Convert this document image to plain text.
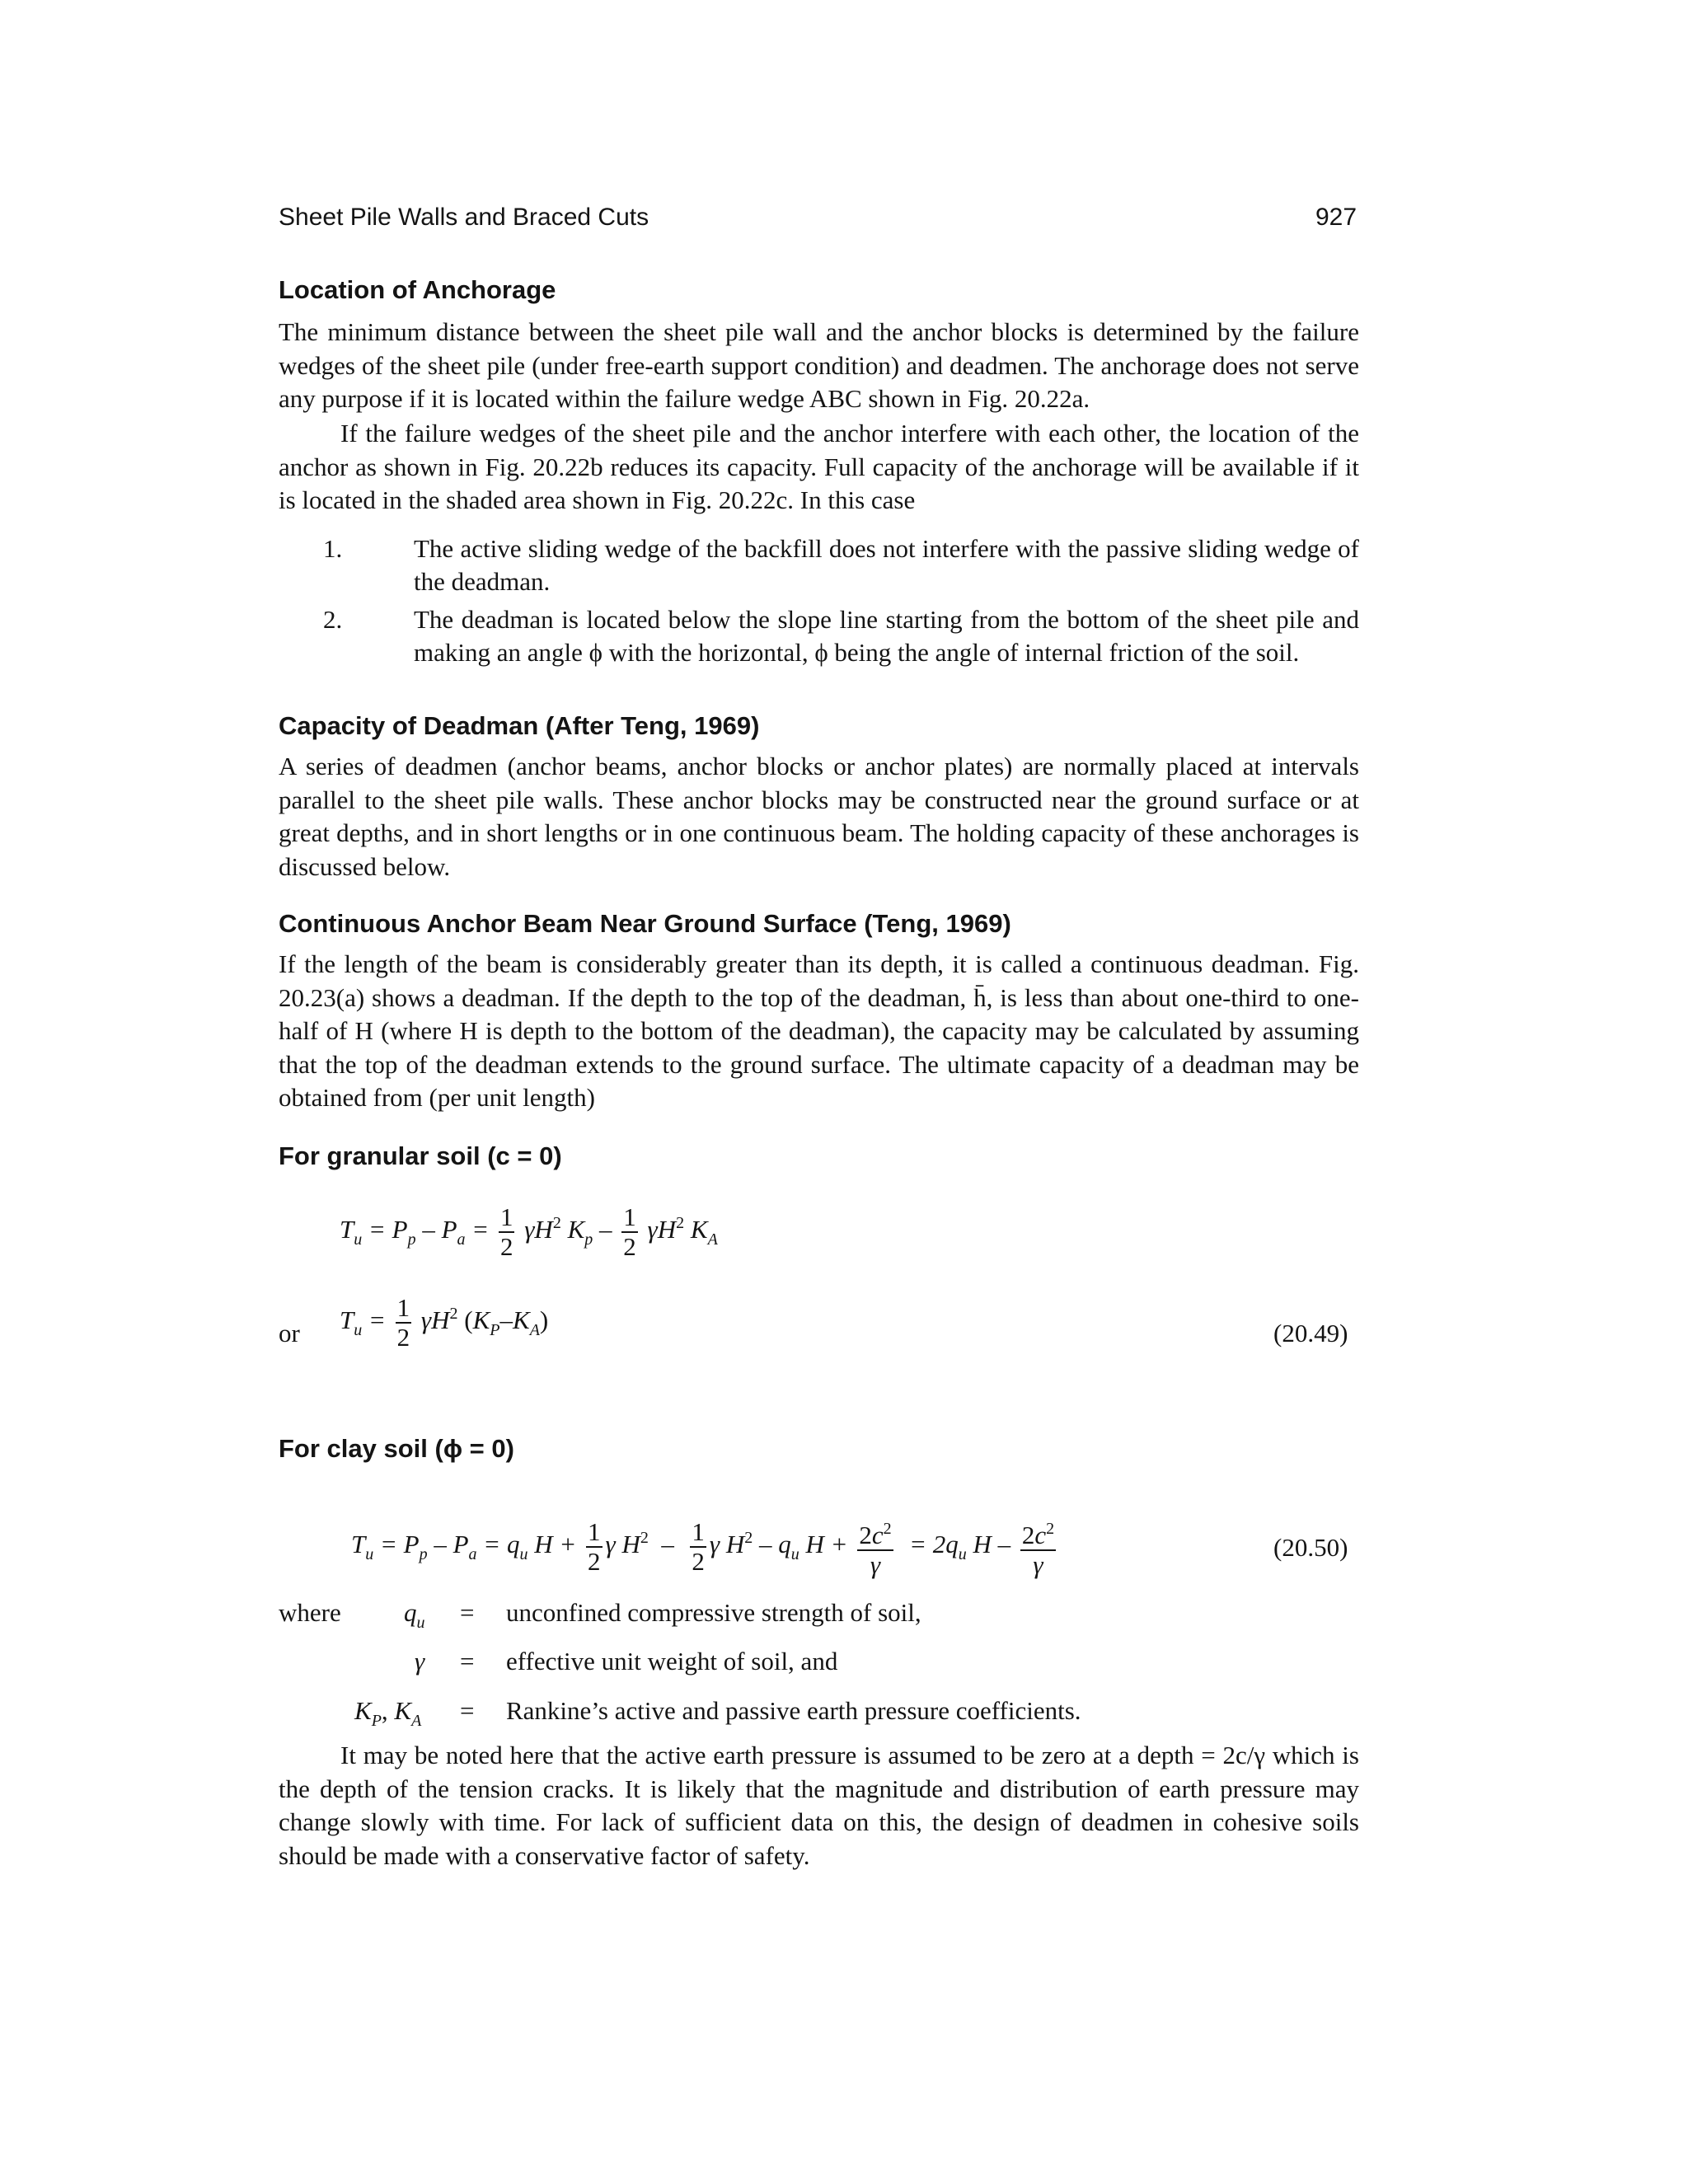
Sheet Pile Walls and Braced Cuts	927
Location of Anchorage

The minimum distance between the sheet pile wall and the anchor blocks is determined by the failure wedges of the sheet pile (under free-earth support condition) and deadmen. The anchorage does not serve any purpose if it is located within the failure wedge ABC shown in Fig. 20.22a.

If the failure wedges of the sheet pile and the anchor interfere with each other, the location of the anchor as shown in Fig. 20.22b reduces its capacity. Full capacity of the anchorage will be available if it is located in the shaded area shown in Fig. 20.22c. In this case

1.	The active sliding wedge of the backfill does not interfere with the passive sliding wedge of the deadman.
2.	The deadman is located below the slope line starting from the bottom of the sheet pile and making an angle ϕ with the horizontal, ϕ being the angle of internal friction of the soil.
Capacity of Deadman (After Teng, 1969)

A series of deadmen (anchor beams, anchor blocks or anchor plates) are normally placed at intervals parallel to the sheet pile walls. These anchor blocks may be constructed near the ground surface or at great depths, and in short lengths or in one continuous beam. The holding capacity of these anchorages is discussed below.

Continuous Anchor Beam Near Ground Surface (Teng, 1969)

If the length of the beam is considerably greater than its depth, it is called a continuous deadman. Fig. 20.23(a) shows a deadman. If the depth to the top of the deadman, h̄, is less than about one-third to one-half of H (where H is depth to the bottom of the deadman), the capacity may be calculated by assuming that the top of the deadman extends to the ground surface. The ultimate capacity of a deadman may be obtained from (per unit length)

For granular soil (c = 0)
$T_u = P_p - P_a = \frac{1}{2} \gamma H^2$ $K_p - \frac{1}{2} \gamma H^2$ $K_A$
or $T_u = \frac{1}{2} \gamma H^2$ $(K_P-K_A)$	(20.49)
For clay soil (ϕ = 0)
$T_u = P_p - P_a = q_u$ $H + \frac{1}{2}$ γ $H^2 - \frac{1}{2}$ γ $H^2 - q_u$ $H + \frac{2c^2}{\gamma} = 2q_u$ H – $\frac{2c^2}{\gamma}$	(20.50)
where $q_u$ = unconfined compressive strength of soil,
γ = effective unit weight of soil, and
$K_P$, $K_A$ = Rankine’s active and passive earth pressure coefficients.

It may be noted here that the active earth pressure is assumed to be zero at a depth = 2c/γ which is the depth of the tension cracks. It is likely that the magnitude and distribution of earth pressure may change slowly with time. For lack of sufficient data on this, the design of deadmen in cohesive soils should be made with a conservative factor of safety.
